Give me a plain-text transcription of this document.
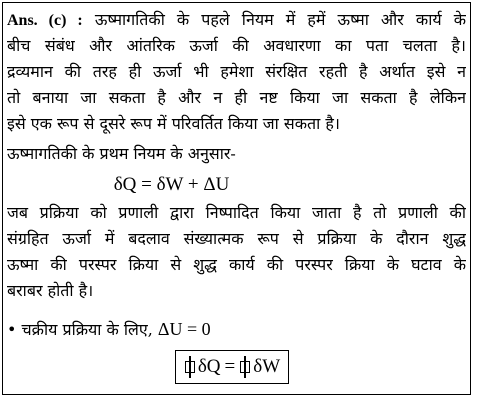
Ans. (c) : ऊष्मागतिकी के पहले नियम में हमें ऊष्मा और कार्य के
बीच संबंध और आंतरिक ऊर्जा की अवधारणा का पता चलता है।
द्रव्यमान की तरह ही ऊर्जा भी हमेशा संरक्षित रहती है अर्थात इसे न
तो बनाया जा सकता है और न ही नष्ट किया जा सकता है लेकिन
इसे एक रूप से दूसरे रूप में परिवर्तित किया जा सकता है।
ऊष्मागतिकी के प्रथम नियम के अनुसार-
δQ = δW + ΔU
जब प्रक्रिया को प्रणाली द्वारा निष्पादित किया जाता है तो प्रणाली की
संग्रहित ऊर्जा में बदलाव संख्यात्मक रूप से प्रक्रिया के दौरान शुद्ध
ऊष्मा की परस्पर क्रिया से शुद्ध कार्य की परस्पर क्रिया के घटाव के
बराबर होती है।
• चक्रीय प्रक्रिया के लिए, ΔU = 0
δQ = δW
